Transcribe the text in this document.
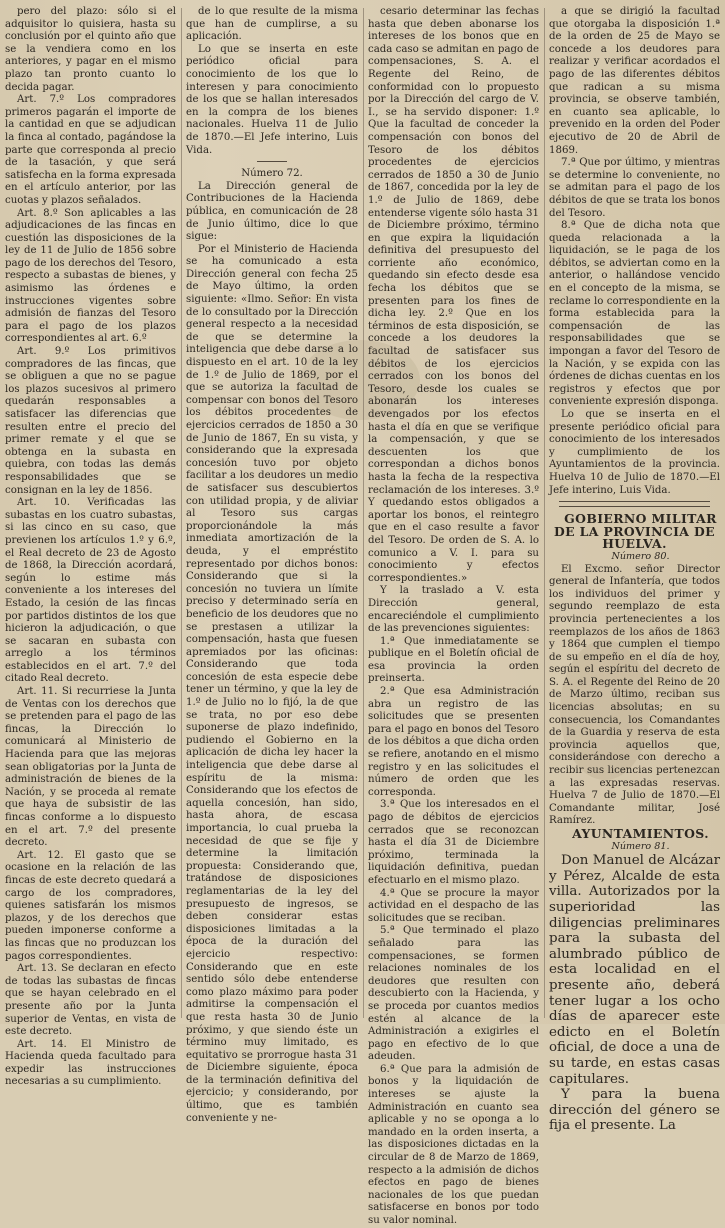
pero del plazo: sólo si el adquisitor lo quisiera, hasta su conclusión por el quinto año que se la vendiera como en los anteriores, y pagar en el mismo plazo tan pronto cuanto lo decida pagar.

Art. 7.º Los compradores primeros pagarán el importe de la cantidad en que se adjudican la finca al contado, pagándose la parte que corresponda al precio de la tasación, y que será satisfecha en la forma expresada en el artículo anterior, por las cuotas y plazos señalados.

Art. 8.º Son aplicables a las adjudicaciones de las fincas en cuestión las disposiciones de la ley de 11 de Julio de 1856 sobre pago de los derechos del Tesoro, respecto a subastas de bienes, y asimismo las órdenes e instrucciones vigentes sobre admisión de fianzas del Tesoro para el pago de los plazos correspondientes al art. 6.º

Art. 9.º Los primitivos compradores de las fincas, que se obliguen a que no se pague los plazos sucesivos al primero quedarán responsables a satisfacer las diferencias que resulten entre el precio del primer remate y el que se obtenga en la subasta en quiebra, con todas las demás responsabilidades que se consignan en la ley de 1856.

Art. 10. Verificadas las subastas en los cuatro subastas, si las cinco en su caso, que previenen los artículos 1.º y 6.º, el Real decreto de 23 de Agosto de 1868, la Dirección acordará, según lo estime más conveniente a los intereses del Estado, la cesión de las fincas por partidos distintos de los que hicieron la adjudicación, o que se sacaran en subasta con arreglo a los términos establecidos en el art. 7.º del citado Real decreto.

Art. 11. Si recurriese la Junta de Ventas con los derechos que se pretenden para el pago de las fincas, la Dirección lo comunicará al Ministerio de Hacienda para que las mejoras sean obligatorias por la Junta de administración de bienes de la Nación, y se proceda al remate que haya de subsistir de las fincas conforme a lo dispuesto en el art. 7.º del presente decreto.

Art. 12. El gasto que se ocasione en la relación de las fincas de este decreto quedará a cargo de los compradores, quienes satisfarán los mismos plazos, y de los derechos que pueden imponerse conforme a las fincas que no produzcan los pagos correspondientes.

Art. 13. Se declaran en efecto de todas las subastas de fincas que se hayan celebrado en el presente año por la Junta superior de Ventas, en vista de este decreto.

Art. 14. El Ministro de Hacienda queda facultado para expedir las instrucciones necesarias a su cumplimiento.

de lo que resulte de la misma que han de cumplirse, a su aplicación.

Lo que se inserta en este periódico oficial para conocimiento de los que lo interesen y para conocimiento de los que se hallan interesados en la compra de los bienes nacionales. Huelva 11 de Julio de 1870.—El Jefe interino, Luis Vida.

Número 72.

La Dirección general de Contribuciones de la Hacienda pública, en comunicación de 28 de Junio último, dice lo que sigue:

Por el Ministerio de Hacienda se ha comunicado a esta Dirección general con fecha 25 de Mayo último, la orden siguiente: «Ilmo. Señor: En vista de lo consultado por la Dirección general respecto a la necesidad de que se determine la inteligencia que debe darse a lo dispuesto en el art. 10 de la ley de 1.º de Julio de 1869, por el que se autoriza la facultad de compensar con bonos del Tesoro los débitos procedentes de ejercicios cerrados de 1850 a 30 de Junio de 1867, En su vista, y considerando que la expresada concesión tuvo por objeto facilitar a los deudores un medio de satisfacer sus descubiertos con utilidad propia, y de aliviar al Tesoro sus cargas proporcionándole la más inmediata amortización de la deuda, y el empréstito representado por dichos bonos: Considerando que si la concesión no tuviera un límite preciso y determinado sería en beneficio de los deudores que no se prestasen a utilizar la compensación, hasta que fuesen apremiados por las oficinas: Considerando que toda concesión de esta especie debe tener un término, y que la ley de 1.º de Julio no lo fijó, la de que se trata, no por eso debe suponerse de plazo indefinido, pudiendo el Gobierno en la aplicación de dicha ley hacer la inteligencia que debe darse al espíritu de la misma: Considerando que los efectos de aquella concesión, han sido, hasta ahora, de escasa importancia, lo cual prueba la necesidad de que se fije y determine la limitación propuesta: Considerando que, tratándose de disposiciones reglamentarias de la ley del presupuesto de ingresos, se deben considerar estas disposiciones limitadas a la época de la duración del ejercicio respectivo: Considerando que en este sentido sólo debe entenderse como plazo máximo para poder admitirse la compensación el que resta hasta 30 de Junio próximo, y que siendo éste un término muy limitado, es equitativo se prorrogue hasta 31 de Diciembre siguiente, época de la terminación definitiva del ejercicio; y considerando, por último, que es también conveniente y ne-

cesario determinar las fechas hasta que deben abonarse los intereses de los bonos que en cada caso se admitan en pago de compensaciones, S. A. el Regente del Reino, de conformidad con lo propuesto por la Dirección del cargo de V. I., se ha servido disponer: 1.º Que la facultad de conceder la compensación con bonos del Tesoro de los débitos procedentes de ejercicios cerrados de 1850 a 30 de Junio de 1867, concedida por la ley de 1.º de Julio de 1869, debe entenderse vigente sólo hasta 31 de Diciembre próximo, término en que expira la liquidación definitiva del presupuesto del corriente año económico, quedando sin efecto desde esa fecha los débitos que se presenten para los fines de dicha ley. 2.º Que en los términos de esta disposición, se concede a los deudores la facultad de satisfacer sus débitos de los ejercicios cerrados con los bonos del Tesoro, desde los cuales se abonarán los intereses devengados por los efectos hasta el día en que se verifique la compensación, y que se descuenten los que correspondan a dichos bonos hasta la fecha de la respectiva reclamación de los intereses. 3.º Y quedando estos obligados a aportar los bonos, el reintegro que en el caso resulte a favor del Tesoro. De orden de S. A. lo comunico a V. I. para su conocimiento y efectos correspondientes.»

Y la traslado a V. esta Dirección general, encareciéndole el cumplimiento de las prevenciones siguientes:

1.ª Que inmediatamente se publique en el Boletín oficial de esa provincia la orden preinserta.

2.ª Que esa Administración abra un registro de las solicitudes que se presenten para el pago en bonos del Tesoro de los débitos a que dicha orden se refiere, anotando en el mismo registro y en las solicitudes el número de orden que les corresponda.

3.ª Que los interesados en el pago de débitos de ejercicios cerrados que se reconozcan hasta el día 31 de Diciembre próximo, terminada la liquidación definitiva, puedan efectuarlo en el mismo plazo.

4.ª Que se procure la mayor actividad en el despacho de las solicitudes que se reciban.

5.ª Que terminado el plazo señalado para las compensaciones, se formen relaciones nominales de los deudores que resulten con descubierto con la Hacienda, y se proceda por cuantos medios estén al alcance de la Administración a exigirles el pago en efectivo de lo que adeuden.

6.ª Que para la admisión de bonos y la liquidación de intereses se ajuste la Administración en cuanto sea aplicable y no se oponga a lo mandado en la orden inserta, a las disposiciones dictadas en la circular de 8 de Marzo de 1869, respecto a la admisión de dichos efectos en pago de bienes nacionales de los que puedan satisfacerse en bonos por todo su valor nominal.

a que se dirigió la facultad que otorgaba la disposición 1.ª de la orden de 25 de Mayo se concede a los deudores para realizar y verificar acordados el pago de las diferentes débitos que radican a su misma provincia, se observe también, en cuanto sea aplicable, lo prevenido en la orden del Poder ejecutivo de 20 de Abril de 1869.

7.ª Que por último, y mientras se determine lo conveniente, no se admitan para el pago de los débitos de que se trata los bonos del Tesoro.

8.ª Que de dicha nota que queda relacionada a la liquidación, se le paga de los débitos, se adviertan como en la anterior, o hallándose vencido en el concepto de la misma, se reclame lo correspondiente en la forma establecida para la compensación de las responsabilidades que se impongan a favor del Tesoro de la Nación, y se expida con las órdenes de dichas cuentas en los registros y efectos que por conveniente expresión disponga.

Lo que se inserta en el presente periódico oficial para conocimiento de los interesados y cumplimiento de los Ayuntamientos de la provincia. Huelva 10 de Julio de 1870.—El Jefe interino, Luis Vida.

GOBIERNO MILITAR DE LA PROVINCIA DE HUELVA.

Número 80.

El Excmo. señor Director general de Infantería, que todos los individuos del primer y segundo reemplazo de esta provincia pertenecientes a los reemplazos de los años de 1863 y 1864 que cumplen el tiempo de su empeño en el día de hoy, según el espíritu del decreto de S. A. el Regente del Reino de 20 de Marzo último, reciban sus licencias absolutas; en su consecuencia, los Comandantes de la Guardia y reserva de esta provincia aquellos que, considerándose con derecho a recibir sus licencias pertenezcan a las expresadas reservas. Huelva 7 de Julio de 1870.—El Comandante militar, José Ramírez.

AYUNTAMIENTOS.

Número 81.

Don Manuel de Alcázar y Pérez, Alcalde de esta villa. Autorizados por la superioridad las diligencias preliminares para la subasta del alumbrado público de esta localidad en el presente año, deberá tener lugar a los ocho días de aparecer este edicto en el Boletín oficial, de doce a una de su tarde, en estas casas capitulares.

Y para la buena dirección del género se fija el presente. La
